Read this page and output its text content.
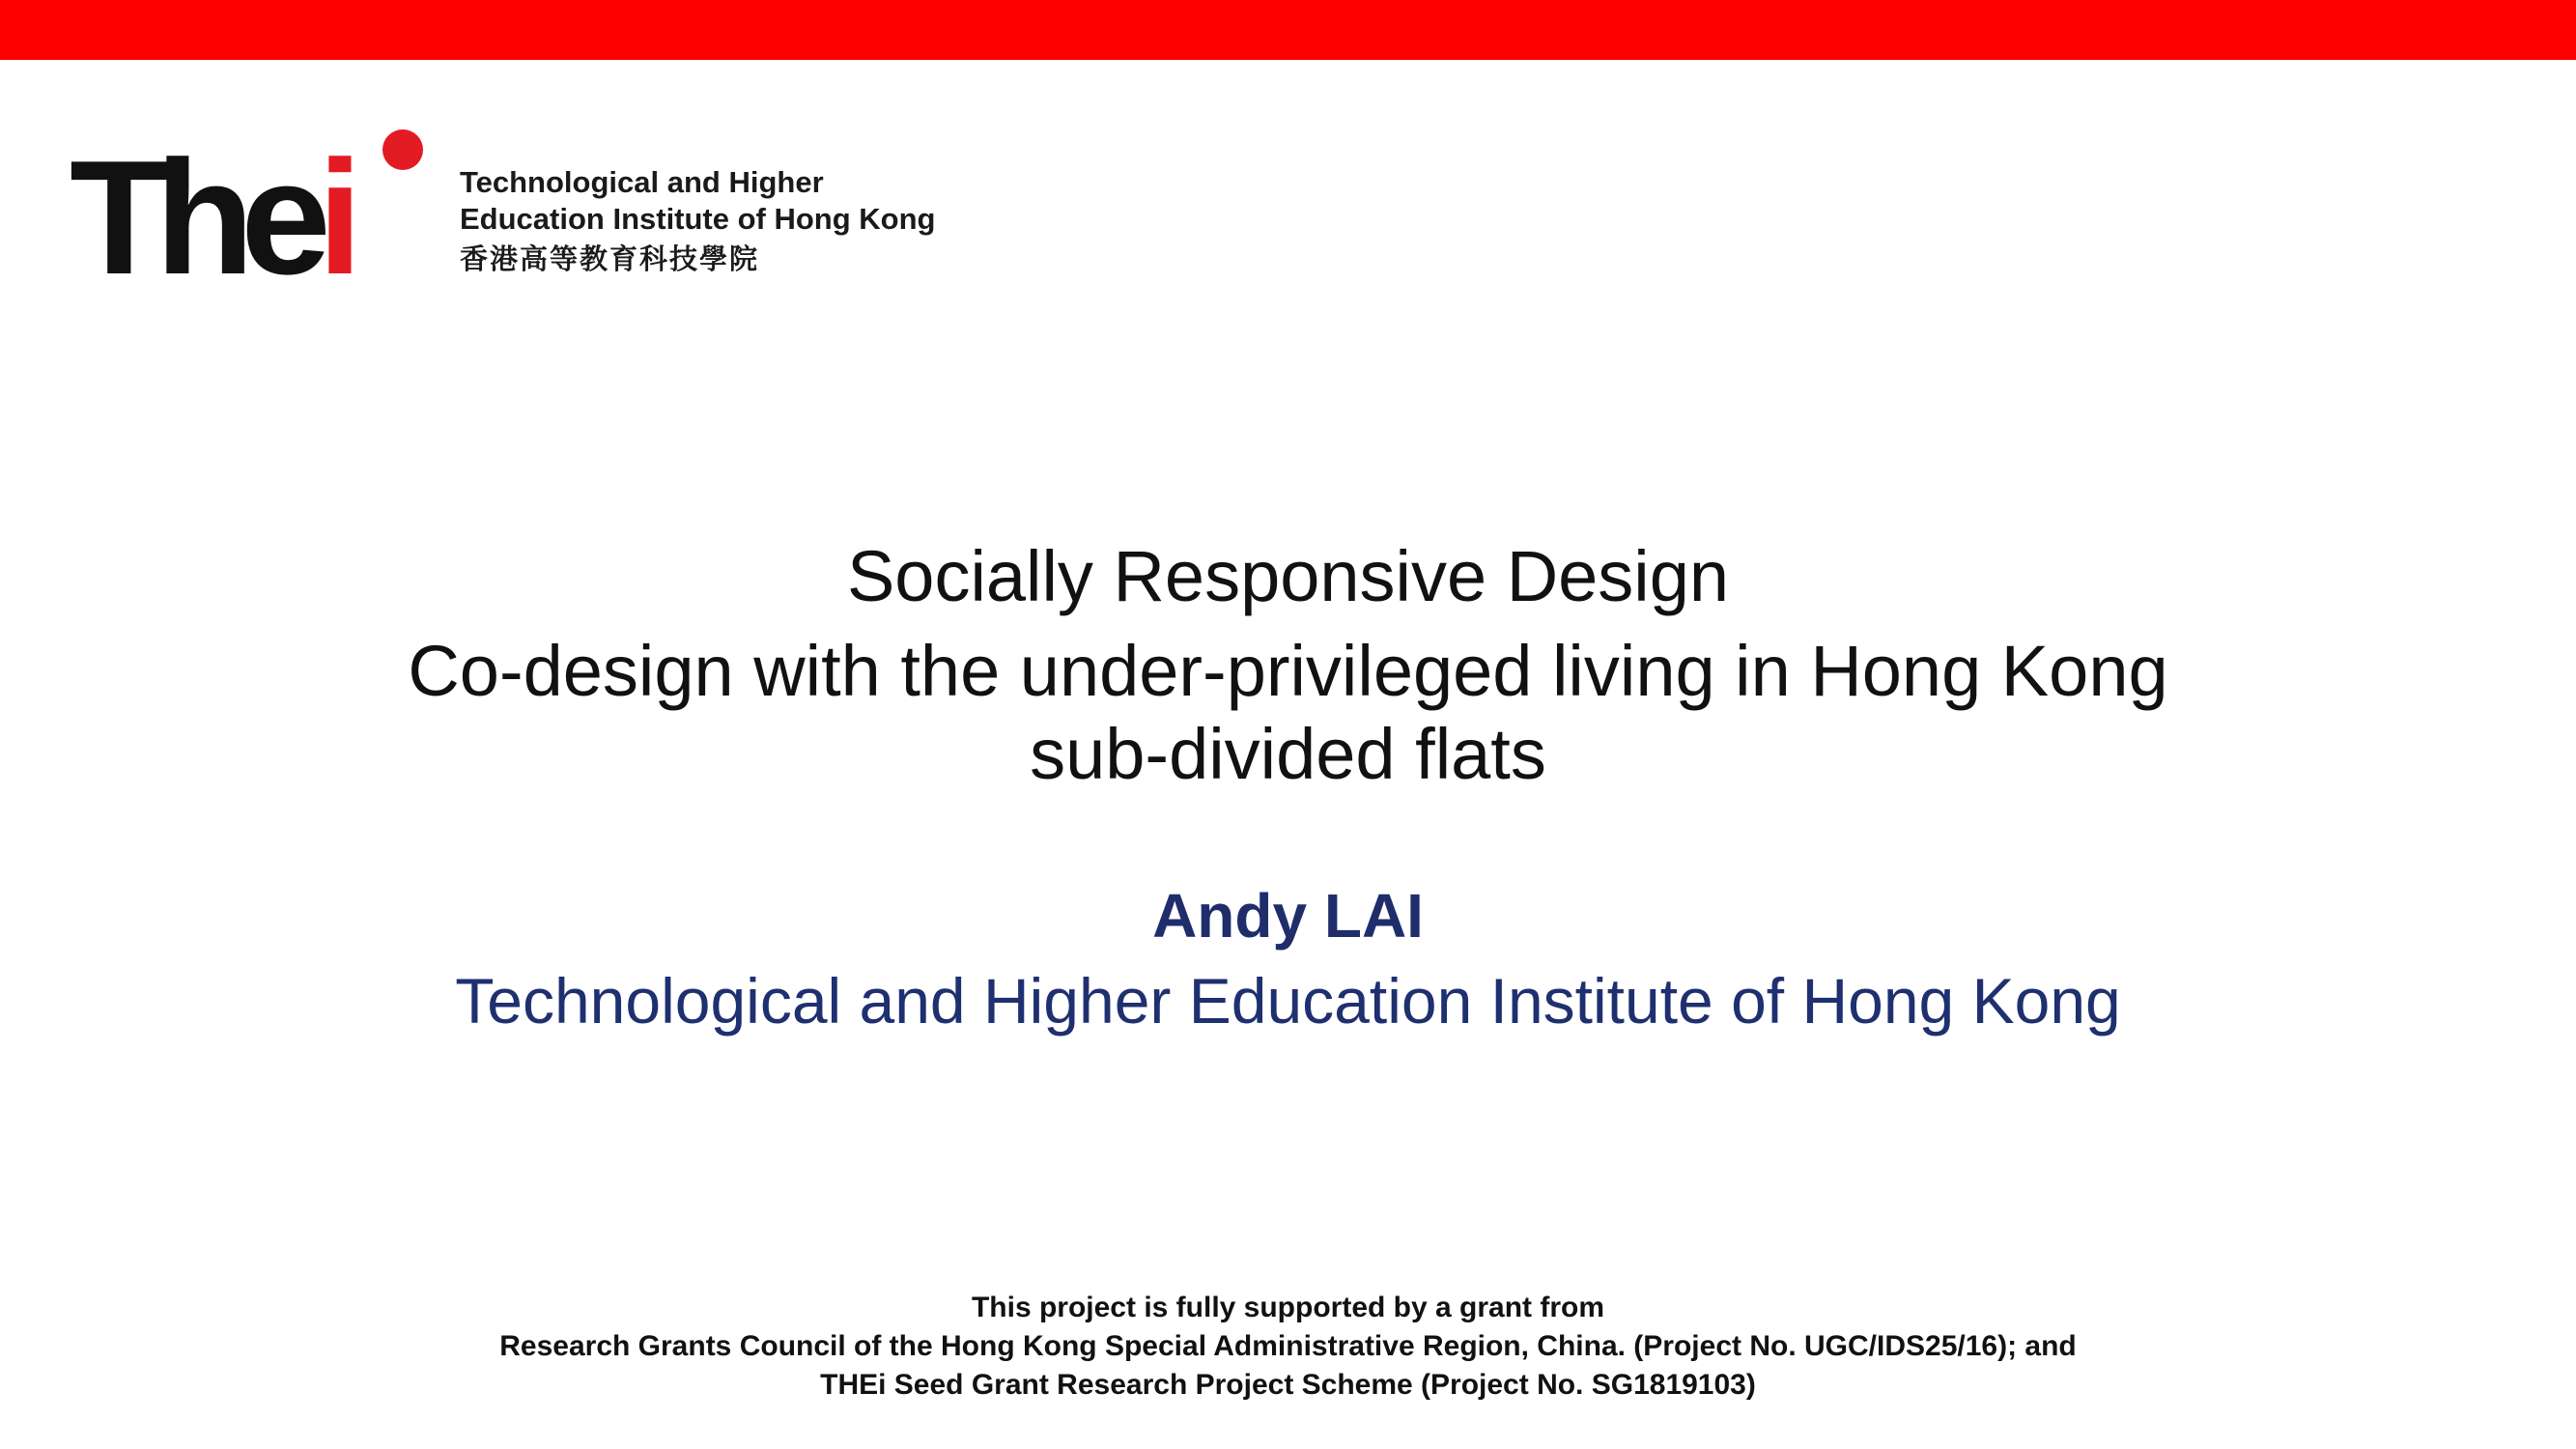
Thei	Technological and Higher
Education Institute of Hong Kong
香港高等教育科技學院
Socially Responsive Design
Co-design with the under-privileged living in Hong Kong
sub-divided flats
Andy LAI
Technological and Higher Education Institute of Hong Kong
This project is fully supported by a grant from
Research Grants Council of the Hong Kong Special Administrative Region, China. (Project No. UGC/IDS25/16); and
THEi Seed Grant Research Project Scheme (Project No. SG1819103)
